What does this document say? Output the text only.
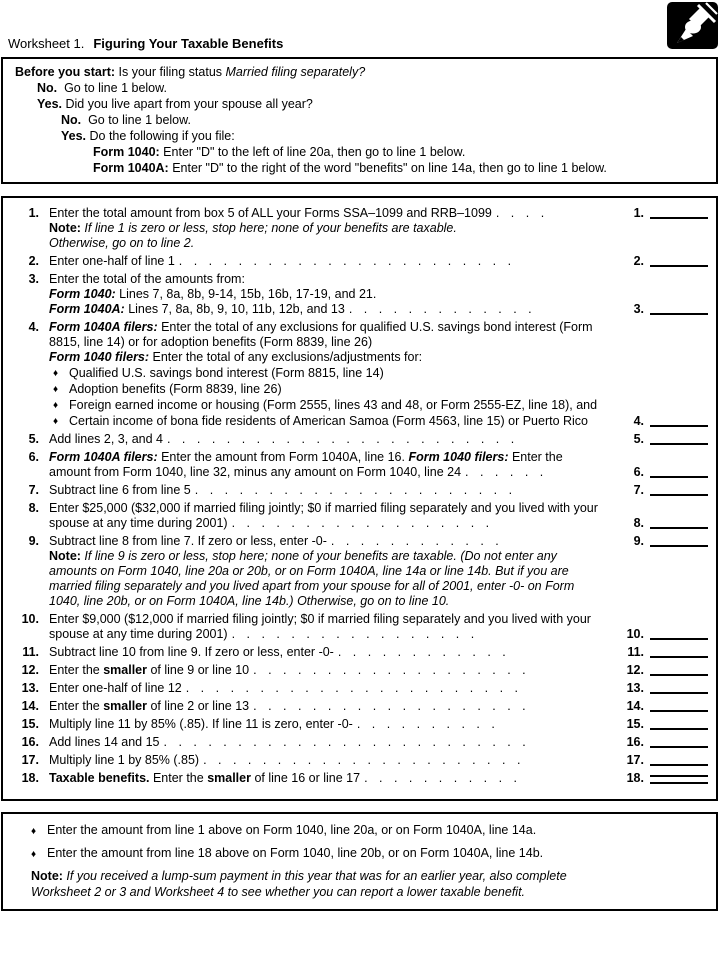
Worksheet 1. Figuring Your Taxable Benefits
Before you start: Is your filing status Married filing separately?
No.  Go to line 1 below.
Yes. Did you live apart from your spouse all year?
No.  Go to line 1 below.
Yes. Do the following if you file:
Form 1040: Enter "D" to the left of line 20a, then go to line 1 below.
Form 1040A: Enter "D" to the right of the word "benefits" on line 14a, then go to line 1 below.
1. Enter the total amount from box 5 of ALL your Forms SSA–1099 and RRB–1099 . . . .	1.
Note: If line 1 is zero or less, stop here; none of your benefits are taxable.
Otherwise, go on to line 2.
2. Enter one-half of line 1 . . . . . . . . . . . . . . . . . . . . . . .	2.
3. Enter the total of the amounts from:
Form 1040: Lines 7, 8a, 8b, 9-14, 15b, 16b, 17-19, and 21.
Form 1040A: Lines 7, 8a, 8b, 9, 10, 11b, 12b, and 13 . . . . . . . . . . . . .	3.
4. Form 1040A filers: Enter the total of any exclusions for qualified U.S. savings bond interest (Form 8815, line 14) or for adoption benefits (Form 8839, line 26)
Form 1040 filers: Enter the total of any exclusions/adjustments for:
♦ Qualified U.S. savings bond interest (Form 8815, line 14)
♦ Adoption benefits (Form 8839, line 26)
♦ Foreign earned income or housing (Form 2555, lines 43 and 48, or Form 2555-EZ, line 18), and
♦ Certain income of bona fide residents of American Samoa (Form 4563, line 15) or Puerto Rico	4.
5. Add lines 2, 3, and 4 . . . . . . . . . . . . . . . . . . . . . . . .	5.
6. Form 1040A filers: Enter the amount from Form 1040A, line 16. Form 1040 filers: Enter the amount from Form 1040, line 32, minus any amount on Form 1040, line 24 . . . . . .	6.
7. Subtract line 6 from line 5 . . . . . . . . . . . . . . . . . . . . . .	7.
8. Enter $25,000 ($32,000 if married filing jointly; $0 if married filing separately and you lived with your spouse at any time during 2001) . . . . . . . . . . . . . . . . . .	8.
9. Subtract line 8 from line 7. If zero or less, enter -0- . . . . . . . . . . . .	9.
Note: If line 9 is zero or less, stop here; none of your benefits are taxable. (Do not enter any amounts on Form 1040, line 20a or 20b, or on Form 1040A, line 14a or line 14b. But if you are married filing separately and you lived apart from your spouse for all of 2001, enter -0- on Form 1040, line 20b, or on Form 1040A, line 14b.) Otherwise, go on to line 10.
10. Enter $9,000 ($12,000 if married filing jointly; $0 if married filing separately and you lived with your spouse at any time during 2001) . . . . . . . . . . . . . . . . .	10.
11. Subtract line 10 from line 9. If zero or less, enter -0- . . . . . . . . . . . .	11.
12. Enter the smaller of line 9 or line 10 . . . . . . . . . . . . . . . . . . .	12.
13. Enter one-half of line 12 . . . . . . . . . . . . . . . . . . . . . . .	13.
14. Enter the smaller of line 2 or line 13 . . . . . . . . . . . . . . . . . . .	14.
15. Multiply line 11 by 85% (.85). If line 11 is zero, enter -0- . . . . . . . . . .	15.
16. Add lines 14 and 15 . . . . . . . . . . . . . . . . . . . . . . . . .	16.
17. Multiply line 1 by 85% (.85) . . . . . . . . . . . . . . . . . . . . . .	17.
18. Taxable benefits. Enter the smaller of line 16 or line 17 . . . . . . . . . . .	18.
♦ Enter the amount from line 1 above on Form 1040, line 20a, or on Form 1040A, line 14a.
♦ Enter the amount from line 18 above on Form 1040, line 20b, or on Form 1040A, line 14b.
Note: If you received a lump-sum payment in this year that was for an earlier year, also complete Worksheet 2 or 3 and Worksheet 4 to see whether you can report a lower taxable benefit.
